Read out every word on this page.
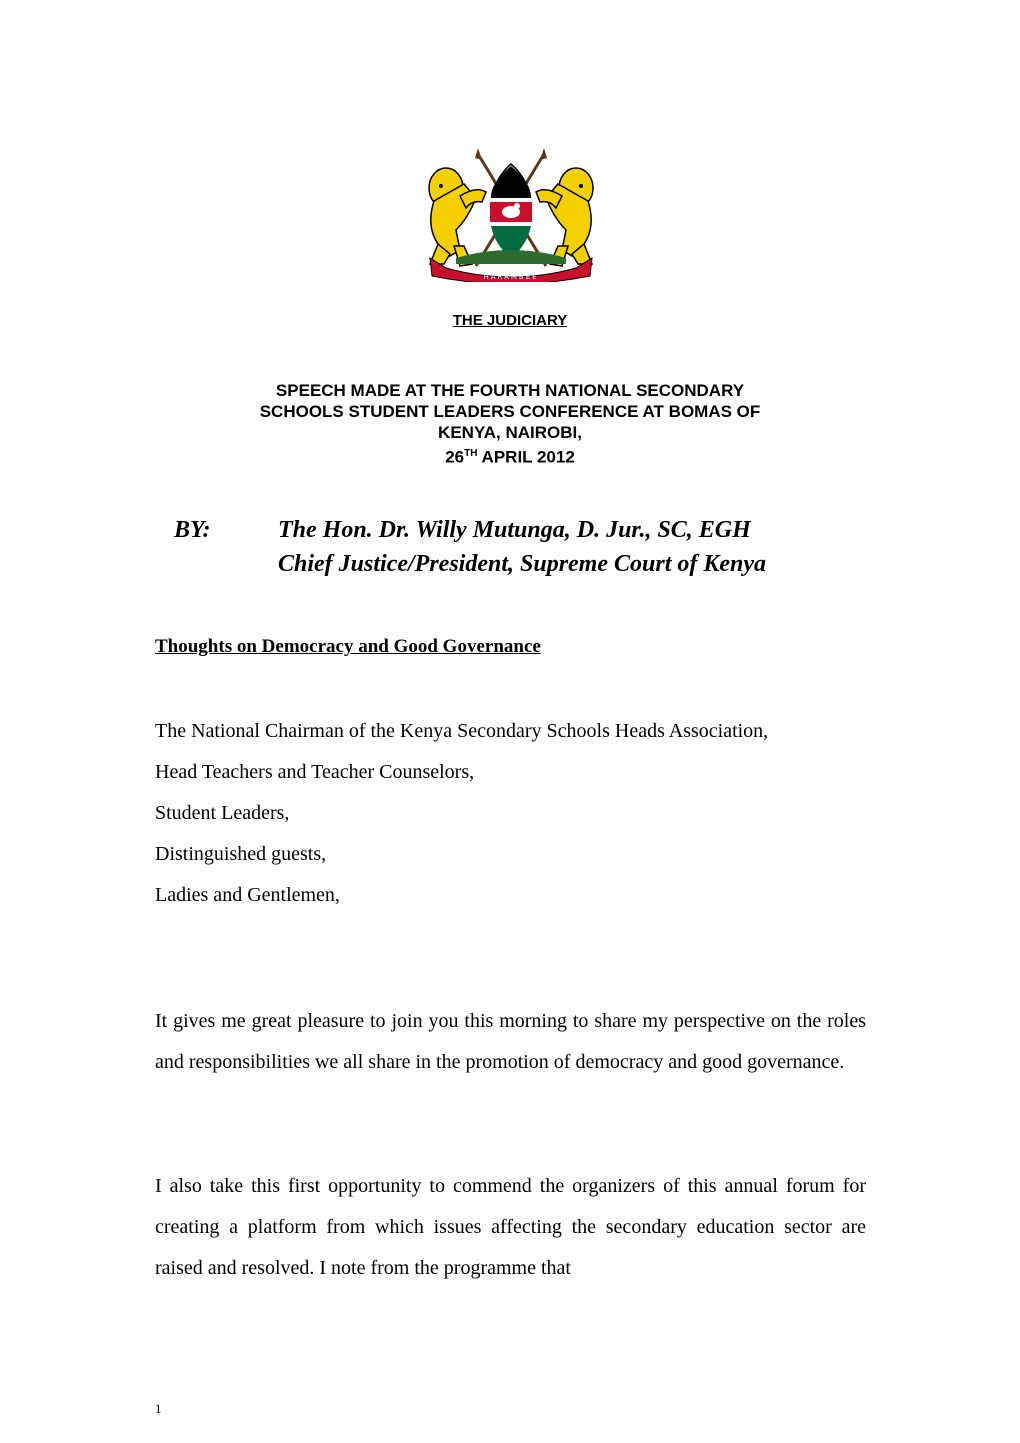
HARAMBEE
THE JUDICIARY
SPEECH MADE AT THE FOURTH NATIONAL SECONDARY
SCHOOLS STUDENT LEADERS CONFERENCE AT BOMAS OF
KENYA, NAIROBI,
26TH APRIL 2012
BY:	The Hon. Dr. Willy Mutunga, D. Jur., SC, EGH
Chief Justice/President, Supreme Court of Kenya
Thoughts on Democracy and Good Governance

The National Chairman of the Kenya Secondary Schools Heads Association,

Head Teachers and Teacher Counselors,

Student Leaders,

Distinguished guests,

Ladies and Gentlemen,

It gives me great pleasure to join you this morning to share my perspective on the roles and responsibilities we all share in the promotion of democracy and good governance.

I also take this first opportunity to commend the organizers of this annual forum for creating a platform from which issues affecting the secondary education sector are raised and resolved. I note from the programme that

1
